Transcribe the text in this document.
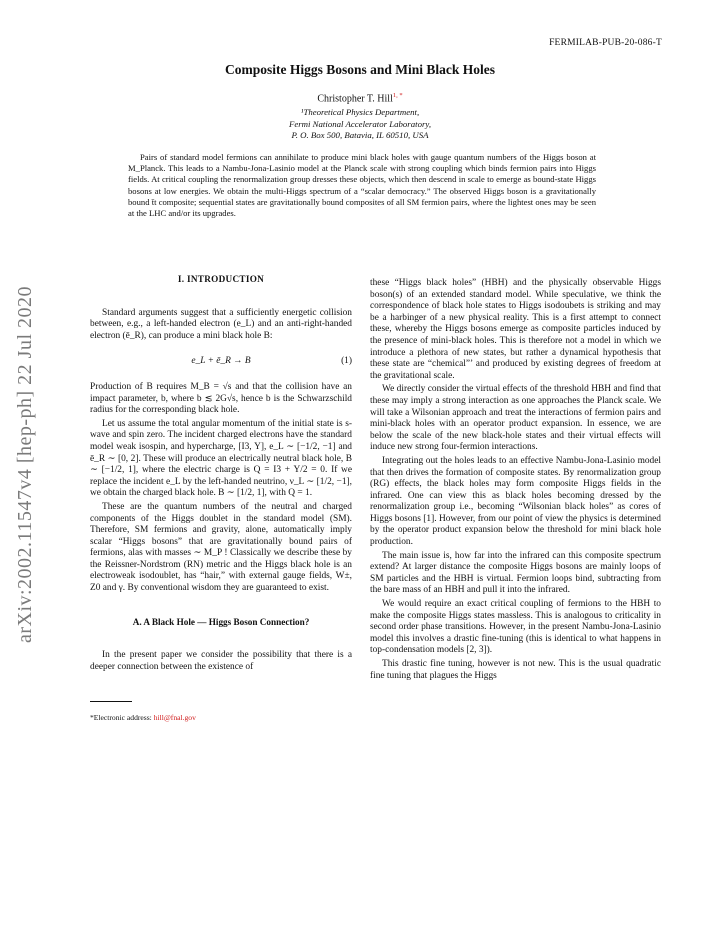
FERMILAB-PUB-20-086-T
arXiv:2002.11547v4 [hep-ph] 22 Jul 2020
Composite Higgs Bosons and Mini Black Holes
Christopher T. Hill$^{1, *}$
¹Theoretical Physics Department,
Fermi National Accelerator Laboratory,
P. O. Box 500, Batavia, IL 60510, USA
Pairs of standard model fermions can annihilate to produce mini black holes with gauge quantum numbers of the Higgs boson at M_Planck. This leads to a Nambu-Jona-Lasinio model at the Planck scale with strong coupling which binds fermion pairs into Higgs fields. At critical coupling the renormalization group dresses these objects, which then descend in scale to emerge as bound-state Higgs bosons at low energies. We obtain the multi-Higgs spectrum of a “scalar democracy.” The observed Higgs boson is a gravitationally bound t̄t composite; sequential states are gravitationally bound composites of all SM fermion pairs, where the lightest ones may be seen at the LHC and/or its upgrades.
I. INTRODUCTION

Standard arguments suggest that a sufficiently energetic collision between, e.g., a left-handed electron (e_L) and an anti-right-handed electron (ē_R), can produce a mini black hole B:

e_L + ē_R → B	(1)

Production of B requires M_B = √s and that the collision have an impact parameter, b, where b ≲ 2G√s, hence b is the Schwarzschild radius for the corresponding black hole.

Let us assume the total angular momentum of the initial state is s-wave and spin zero. The incident charged electrons have the standard model weak isospin, and hypercharge, [I3, Y], e_L ∼ [−1/2, −1] and ē_R ∼ [0, 2]. These will produce an electrically neutral black hole, B ∼ [−1/2, 1], where the electric charge is Q = I3 + Y/2 = 0. If we replace the incident e_L by the left-handed neutrino, ν_L ∼ [1/2, −1], we obtain the charged black hole. B ∼ [1/2, 1], with Q = 1.

These are the quantum numbers of the neutral and charged components of the Higgs doublet in the standard model (SM). Therefore, SM fermions and gravity, alone, automatically imply scalar “Higgs bosons” that are gravitationally bound pairs of fermions, alas with masses ∼ M_P ! Classically we describe these by the Reissner-Nordstrom (RN) metric and the Higgs black hole is an electroweak isodoublet, has “hair,” with external gauge fields, W±, Z0 and γ. By conventional wisdom they are guaranteed to exist.

A. A Black Hole — Higgs Boson Connection?

In the present paper we consider the possibility that there is a deeper connection between the existence of

*Electronic address: hill@fnal.gov

these “Higgs black holes” (HBH) and the physically observable Higgs boson(s) of an extended standard model. While speculative, we think the correspondence of black hole states to Higgs isodoubets is striking and may be a harbinger of a new physical reality. This is a first attempt to connect these, whereby the Higgs bosons emerge as composite particles induced by the presence of mini-black holes. This is therefore not a model in which we introduce a plethora of new states, but rather a dynamical hypothesis that these state are “chemical”’ and produced by existing degrees of freedom at the gravitational scale.

We directly consider the virtual effects of the threshold HBH and find that these may imply a strong interaction as one approaches the Planck scale. We will take a Wilsonian approach and treat the interactions of fermion pairs and mini-black holes with an operator product expansion. In essence, we are below the scale of the new black-hole states and their virtual effects will induce new strong four-fermion interactions.

Integrating out the holes leads to an effective Nambu-Jona-Lasinio model that then drives the formation of composite states. By renormalization group (RG) effects, the black holes may form composite Higgs fields in the infrared. One can view this as black holes becoming dressed by the renormalization group i.e., becoming “Wilsonian black holes” as cores of Higgs bosons [1]. However, from our point of view the physics is determined by the operator product expansion below the threshold for mini black hole production.

The main issue is, how far into the infrared can this composite spectrum extend? At larger distance the composite Higgs bosons are mainly loops of SM particles and the HBH is virtual. Fermion loops bind, subtracting from the bare mass of an HBH and pull it into the infrared.

We would require an exact critical coupling of fermions to the HBH to make the composite Higgs states massless. This is analogous to criticality in second order phase transitions. However, in the present Nambu-Jona-Lasinio model this involves a drastic fine-tuning (this is identical to what happens in top-condensation models [2, 3]).

This drastic fine tuning, however is not new. This is the usual quadratic fine tuning that plagues the Higgs
